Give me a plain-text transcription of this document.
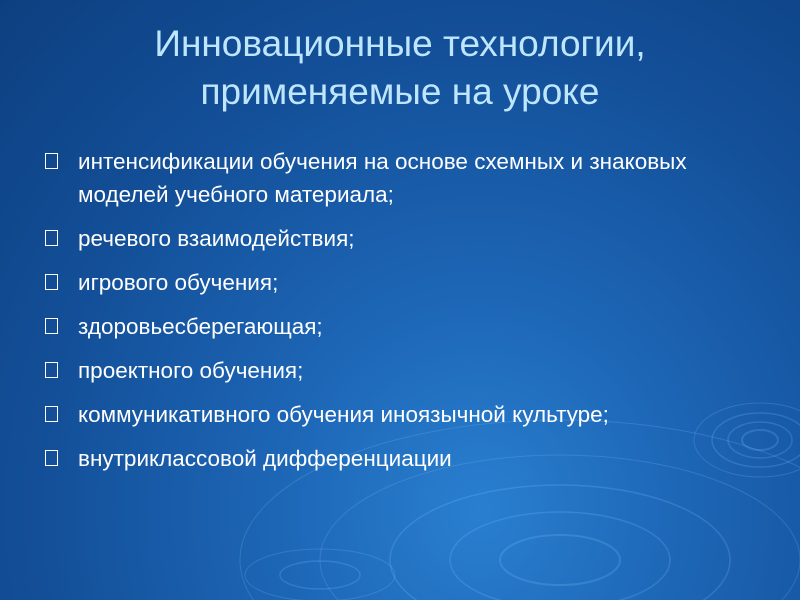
Инновационные технологии,
применяемые на уроке
интенсификации обучения на основе схемных и знаковых моделей учебного материала;
речевого взаимодействия;
игрового обучения;
здоровьесберегающая;
проектного обучения;
коммуникативного обучения иноязычной культуре;
внутриклассовой дифференциации
